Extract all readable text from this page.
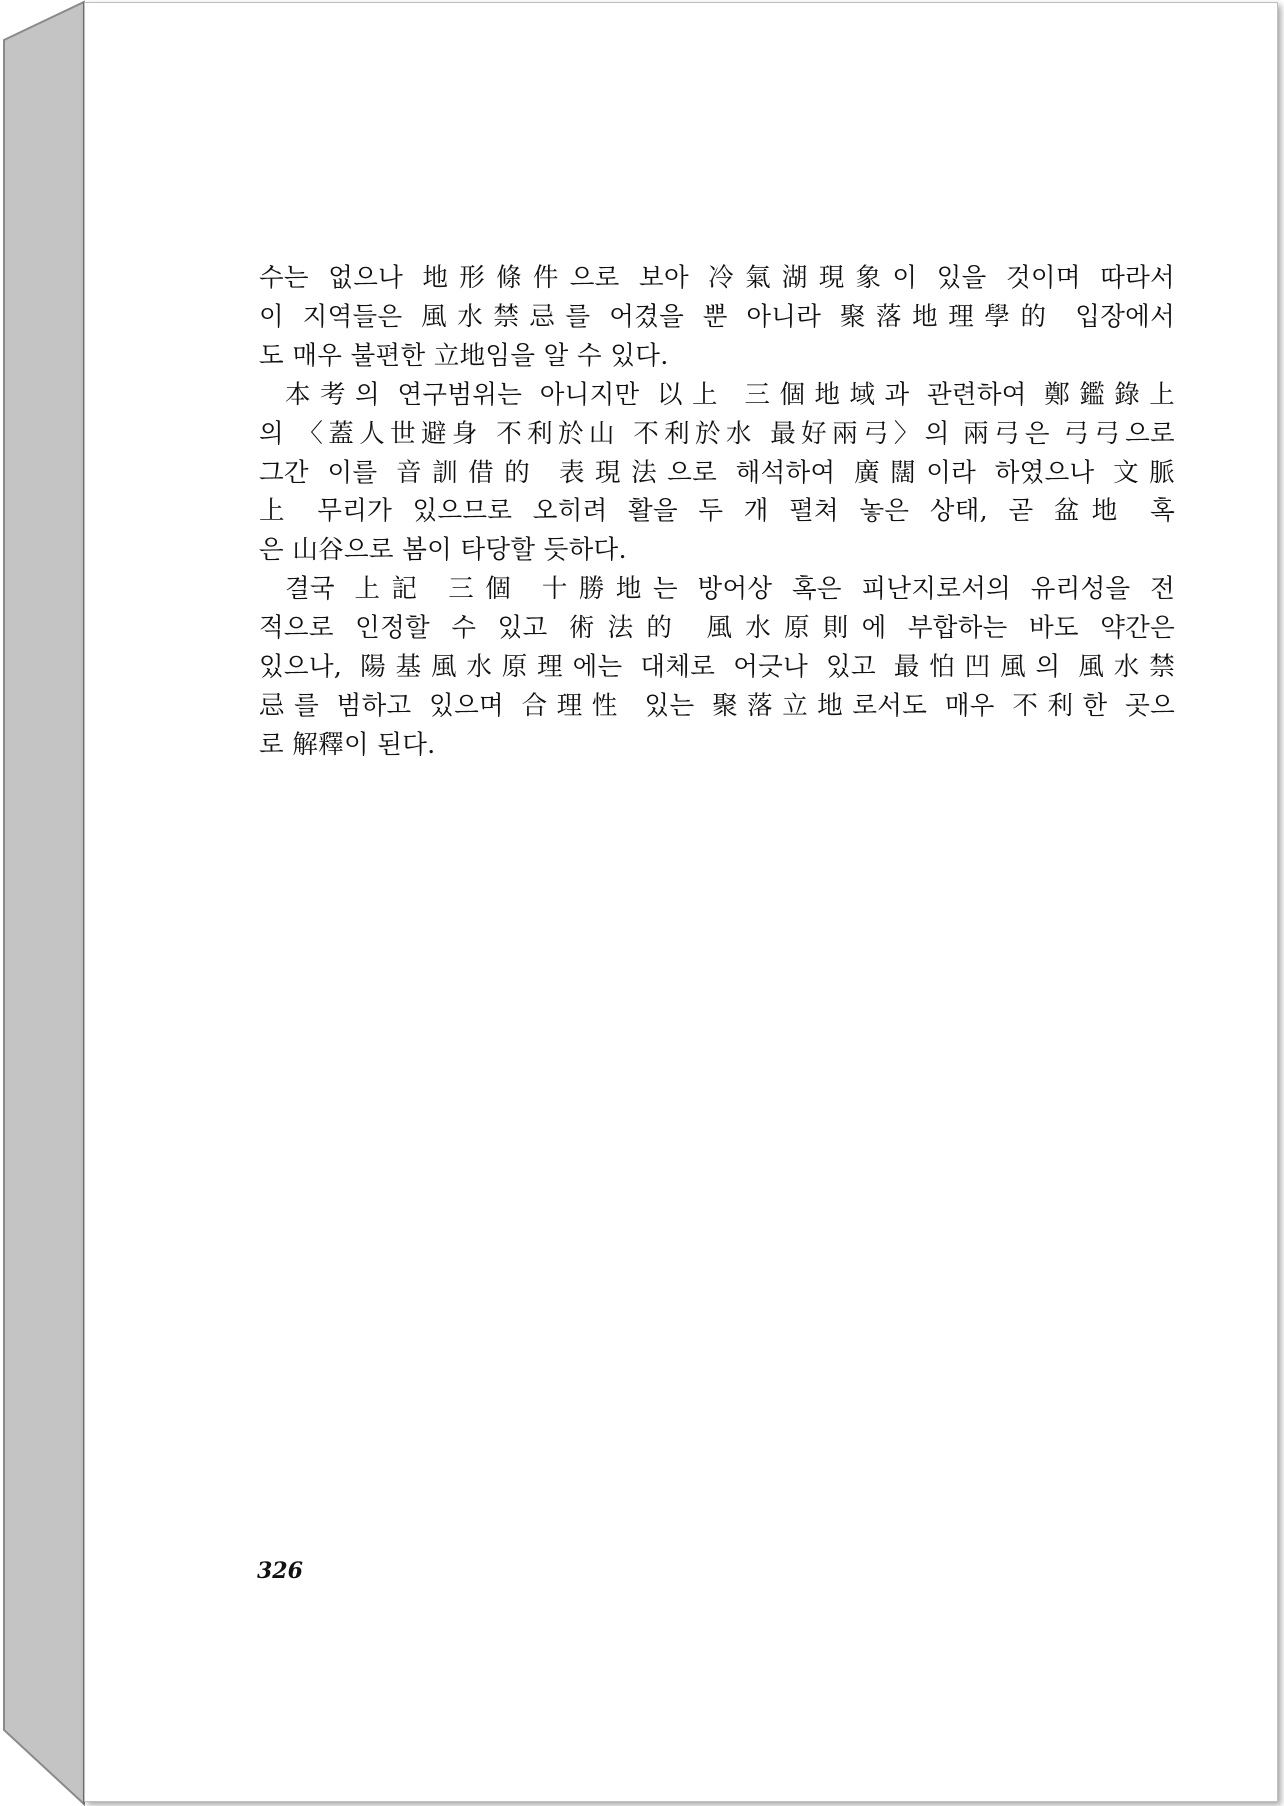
수는 없으나 地形條件으로 보아 冷氣湖現象이 있을 것이며 따라서
이 지역들은 風水禁忌를 어겼을 뿐 아니라 聚落地理學的 입장에서
도 매우 불편한 立地임을 알 수 있다.

本考의 연구범위는 아니지만 以上 三個地域과 관련하여 鄭鑑錄上
의 〈蓋人世避身 不利於山 不利於水 最好兩弓〉의 兩弓은 弓弓으로
그간 이를 音訓借的 表現法으로 해석하여 廣闊이라 하였으나 文脈
上 무리가 있으므로 오히려 활을 두 개 펼쳐 놓은 상태, 곧 盆地 혹
은 山谷으로 봄이 타당할 듯하다.

결국 上記 三個 十勝地는 방어상 혹은 피난지로서의 유리성을 전
적으로 인정할 수 있고 術法的 風水原則에 부합하는 바도 약간은
있으나, 陽基風水原理에는 대체로 어긋나 있고 最怕凹風의 風水禁
忌를 범하고 있으며 合理性 있는 聚落立地로서도 매우 不利한 곳으
로 解釋이 된다.

326
